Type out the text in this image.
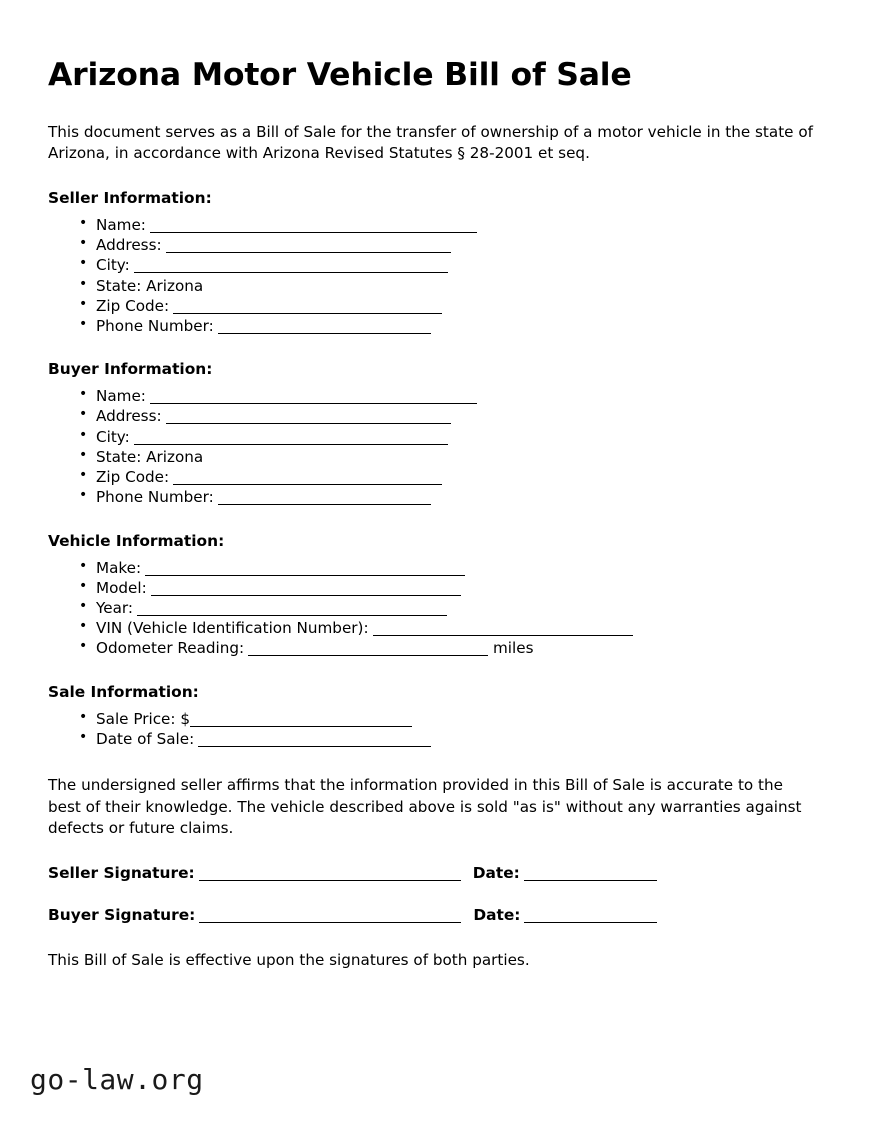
Arizona Motor Vehicle Bill of Sale

This document serves as a Bill of Sale for the transfer of ownership of a motor vehicle in the state of Arizona, in accordance with Arizona Revised Statutes § 28-2001 et seq.

Seller Information:
• Name:
• Address:
• City:
• State: Arizona
• Zip Code:
• Phone Number:
Buyer Information:
• Name:
• Address:
• City:
• State: Arizona
• Zip Code:
• Phone Number:
Vehicle Information:
• Make:
• Model:
• Year:
• VIN (Vehicle Identification Number):
• Odometer Reading:	miles
Sale Information:
• Sale Price: $
• Date of Sale:

The undersigned seller affirms that the information provided in this Bill of Sale is accurate to the best of their knowledge. The vehicle described above is sold "as is" without any warranties against defects or future claims.

Seller Signature:	Date:
Buyer Signature:	Date:

This Bill of Sale is effective upon the signatures of both parties.

go-law.org
